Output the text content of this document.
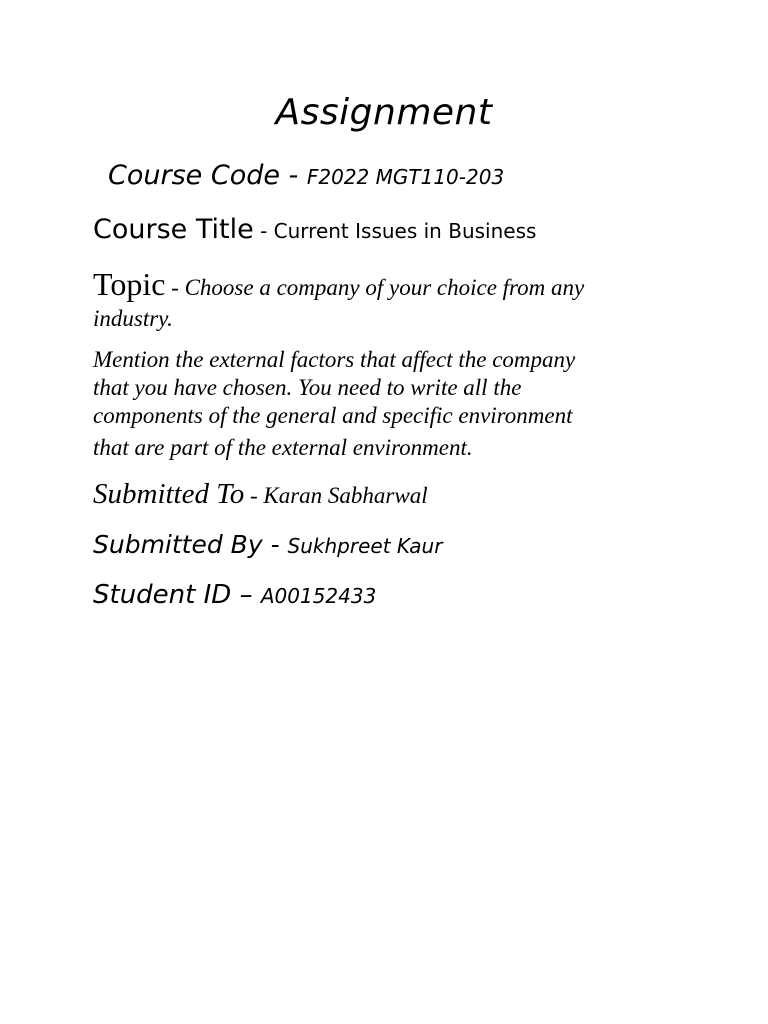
Assignment
Course Code - F2022 MGT110-203
Course Title - Current Issues in Business
Topic - Choose a company of your choice from any
industry.
Mention the external factors that affect the company
that you have chosen. You need to write all the
components of the general and specific environment
that are part of the external environment.
Submitted To - Karan Sabharwal
Submitted By - Sukhpreet Kaur
Student ID – A00152433
